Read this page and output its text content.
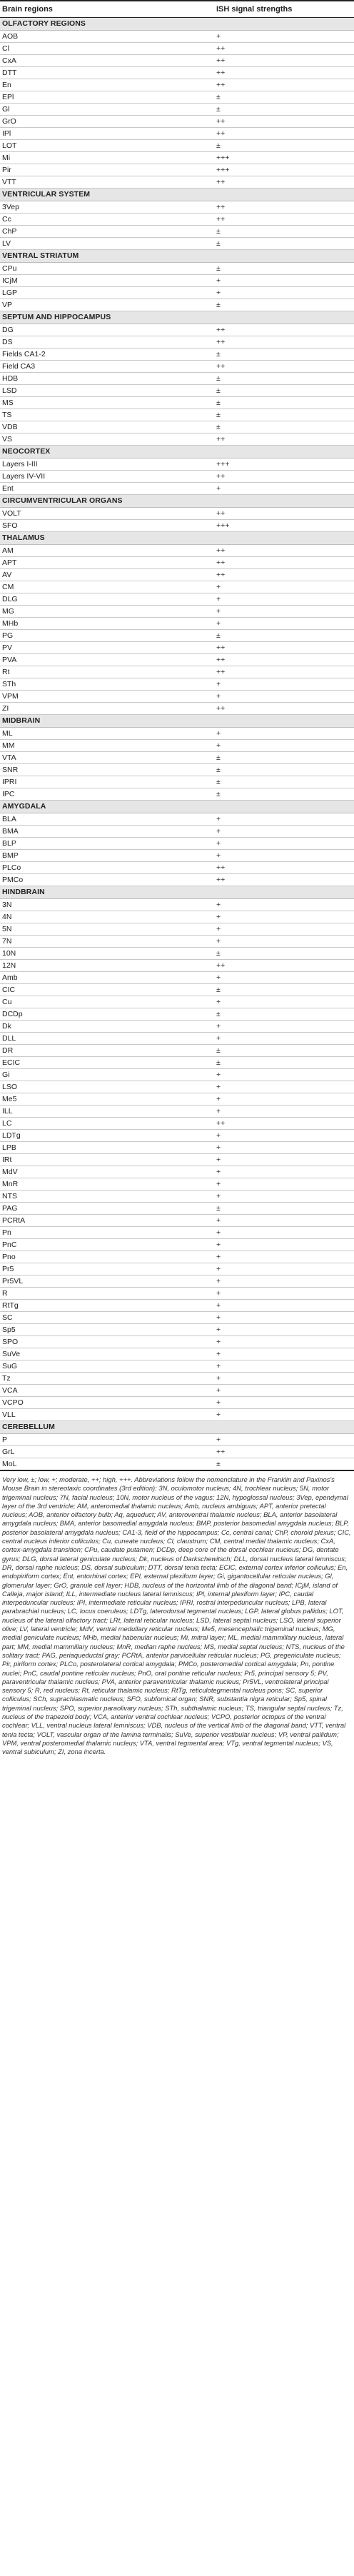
Brain regions	ISH signal strengths
OLFACTORY REGIONS	
AOB	+
Cl	++
CxA	++
DTT	++
En	++
EPl	±
Gl	±
GrO	++
IPl	++
LOT	±
Mi	+++
Pir	+++
VTT	++
VENTRICULAR SYSTEM	
3Vep	++
Cc	++
ChP	±
LV	±
VENTRAL STRIATUM	
CPu	±
ICjM	+
LGP	+
VP	±
SEPTUM AND HIPPOCAMPUS	
DG	++
DS	++
Fields CA1-2	±
Field CA3	++
HDB	±
LSD	±
MS	±
TS	±
VDB	±
VS	++
NEOCORTEX	
Layers I-III	+++
Layers IV-VII	++
Ent	+
CIRCUMVENTRICULAR ORGANS	
VOLT	++
SFO	+++
THALAMUS	
AM	++
APT	++
AV	++
CM	+
DLG	+
MG	+
MHb	+
PG	±
PV	++
PVA	++
Rt	++
STh	+
VPM	+
ZI	++
MIDBRAIN	
ML	+
MM	+
VTA	±
SNR	±
IPRI	±
IPC	±
AMYGDALA	
BLA	+
BMA	+
BLP	+
BMP	+
PLCo	++
PMCo	++
HINDBRAIN	
3N	+
4N	+
5N	+
7N	+
10N	±
12N	++
Amb	+
CIC	±
Cu	+
DCDp	±
Dk	+
DLL	+
DR	±
ECIC	±
Gi	+
LSO	+
Me5	+
ILL	+
LC	++
LDTg	+
LPB	+
IRt	+
MdV	+
MnR	+
NTS	+
PAG	±
PCRtA	+
Pn	+
PnC	+
Pno	+
Pr5	+
Pr5VL	+
R	+
RtTg	+
SC	+
Sp5	+
SPO	+
SuVe	+
SuG	+
Tz	+
VCA	+
VCPO	+
VLL	+
CEREBELLUM	
P	+
GrL	++
MoL	±
Very low, ±; low, +; moderate, ++; high, +++. Abbreviations follow the nomenclature in the Franklin and Paxinos's Mouse Brain in stereotaxic coordinates (3rd edition): 3N, oculomotor nucleus; 4N, trochlear nucleus; 5N, motor trigeminal nucleus; 7N, facial nucleus; 10N, motor nucleus of the vagus; 12N, hypoglossal nucleus; 3Vep, ependymal layer of the 3rd ventricle; AM, anteromedial thalamic nucleus; Amb, nucleus ambiguus; APT, anterior pretectal nucleus; AOB, anterior olfactory bulb; Aq, aqueduct; AV, anteroventral thalamic nucleus; BLA, anterior basolateral amygdala nucleus; BMA, anterior basomedial amygdala nucleus; BMP, posterior basomedial amygdala nucleus; BLP, posterior basolateral amygdala nucleus; CA1-3, field of the hippocampus; Cc, central canal; ChP, choroid plexus; CIC, central nucleus inferior colliculus; Cu, cuneate nucleus; Cl, claustrum; CM, central medial thalamic nucleus; CxA, cortex-amygdala transition; CPu, caudate putamen; DCDp, deep core of the dorsal cochlear nucleus; DG, dentate gyrus; DLG, dorsal lateral geniculate nucleus; Dk, nucleus of Darkschewitsch; DLL, dorsal nucleus lateral lemniscus; DR, dorsal raphe nucleus; DS, dorsal subiculum; DTT, dorsal tenia tecta; ECIC, external cortex inferior colliculus; En, endopiriform cortex; Ent, entorhinal cortex; EPl, external plexiform layer; Gi, gigantocellular reticular nucleus; Gl, glomerular layer; GrO, granule cell layer; HDB, nucleus of the horizontal limb of the diagonal band; ICjM, island of Calleja, major island; ILL, intermediate nucleus lateral lemniscus; IPl, internal plexiform layer; IPC, caudal interpeduncular nucleus; IPI, intermediate reticular nucleus; IPRI, rostral interpeduncular nucleus; LPB, lateral parabrachial nucleus; LC, locus coeruleus; LDTg, laterodorsal tegmental nucleus; LGP, lateral globus pallidus; LOT, nucleus of the lateral olfactory tract; LRt, lateral reticular nucleus; LSD, lateral septal nucleus; LSO, lateral superior olive; LV, lateral ventricle; MdV, ventral medullary reticular nucleus; Me5, mesencephalic trigeminal nucleus; MG, medial geniculate nucleus; MHb, medial habenular nucleus; Mi, mitral layer; ML, medial mammillary nucleus, lateral part; MM, medial mammillary nucleus; MnR, median raphe nucleus; MS, medial septal nucleus; NTS, nucleus of the solitary tract; PAG, periaqueductal gray; PCRtA, anterior parvicellular reticular nucleus; PG, pregeniculate nucleus; Pir, piriform cortex; PLCo, posterolateral cortical amygdala; PMCo, posteromedial cortical amygdala; Pn, pontine nuclei; PnC, caudal pontine reticular nucleus; PnO, oral pontine reticular nucleus; Pr5, principal sensory 5; PV, paraventricular thalamic nucleus; PVA, anterior paraventricular thalamic nucleus; Pr5VL, ventrolateral principal sensory 5; R, red nucleus; Rt, reticular thalamic nucleus; RtTg, reticulotegmental nucleus pons; SC, superior colliculus; SCh, suprachiasmatic nucleus; SFO, subfornical organ; SNR, substantia nigra reticular; Sp5, spinal trigeminal nucleus; SPO, superior paraolivary nucleus; STh, subthalamic nucleus; TS, triangular septal nucleus; Tz, nucleus of the trapezoid body; VCA, anterior ventral cochlear nucleus; VCPO, posterior octopus of the ventral cochlear; VLL, ventral nucleus lateral lemniscus; VDB, nucleus of the vertical limb of the diagonal band; VTT, ventral tenia tecta; VOLT, vascular organ of the lamina terminalis; SuVe, superior vestibular nucleus; VP, ventral pallidum; VPM, ventral posteromedial thalamic nucleus; VTA, ventral tegmental area; VTg, ventral tegmental nucleus; VS, ventral subiculum; ZI, zona incerta.
